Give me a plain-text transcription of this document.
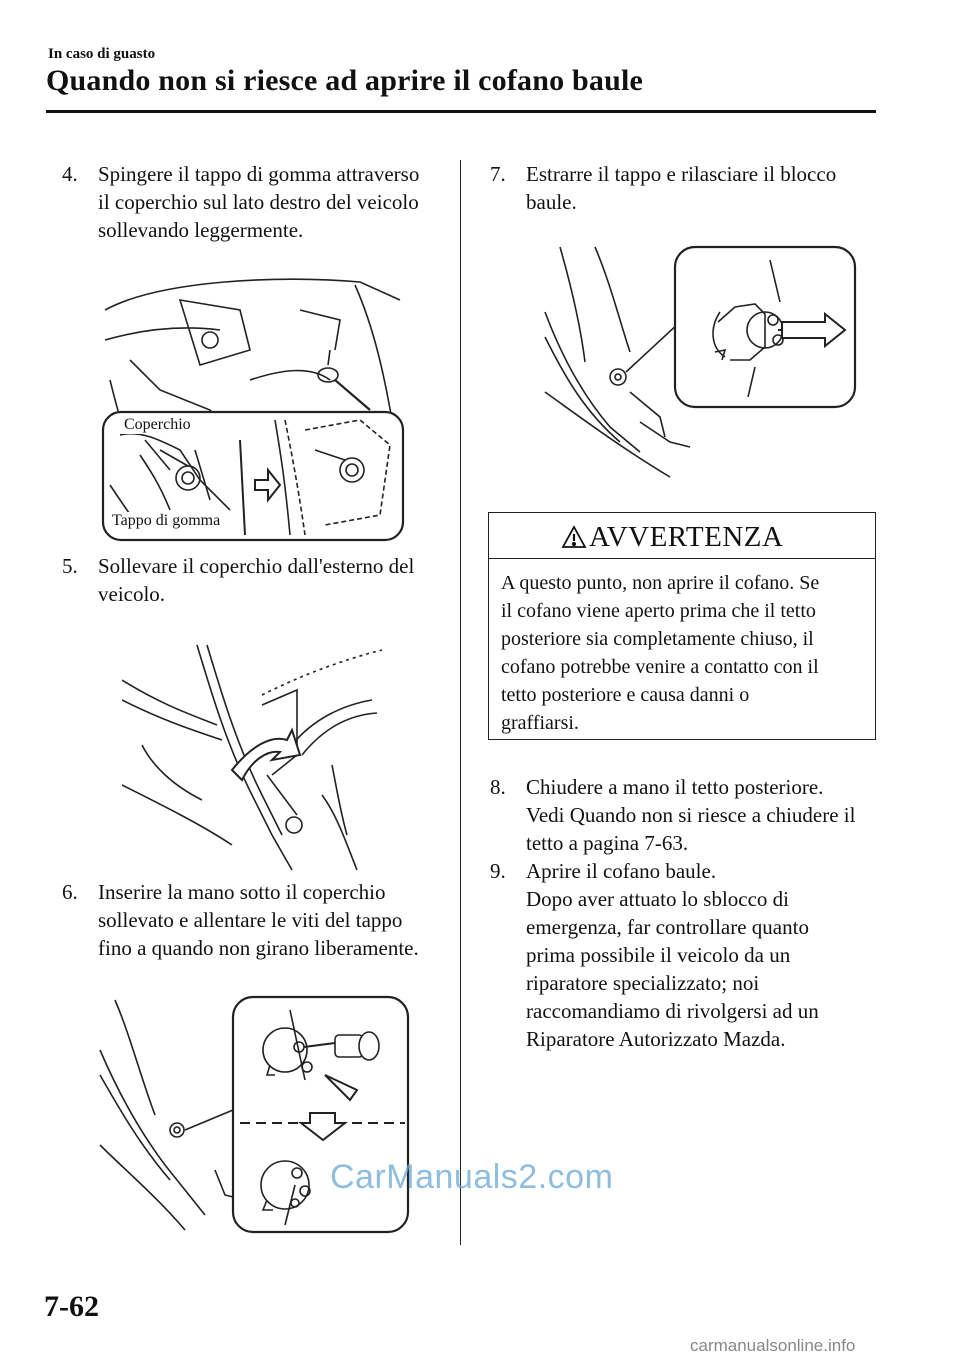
In caso di guasto
Quando non si riesce ad aprire il cofano baule
4. Spingere il tappo di gomma attraverso
il coperchio sul lato destro del veicolo
sollevando leggermente.
Coperchio
Tappo di gomma
5. Sollevare il coperchio dall'esterno del
veicolo.
6. Inserire la mano sotto il coperchio
sollevato e allentare le viti del tappo
fino a quando non girano liberamente.
7. Estrarre il tappo e rilasciare il blocco
baule.
AVVERTENZA
A questo punto, non aprire il cofano. Se
il cofano viene aperto prima che il tetto
posteriore sia completamente chiuso, il
cofano potrebbe venire a contatto con il
tetto posteriore e causa danni o
graffiarsi.
8. Chiudere a mano il tetto posteriore.
Vedi Quando non si riesce a chiudere il
tetto a pagina 7-63.
9. Aprire il cofano baule.
Dopo aver attuato lo sblocco di
emergenza, far controllare quanto
prima possibile il veicolo da un
riparatore specializzato; noi
raccomandiamo di rivolgersi ad un
Riparatore Autorizzato Mazda.
CarManuals2.com
7-62
carmanualsonline.info
